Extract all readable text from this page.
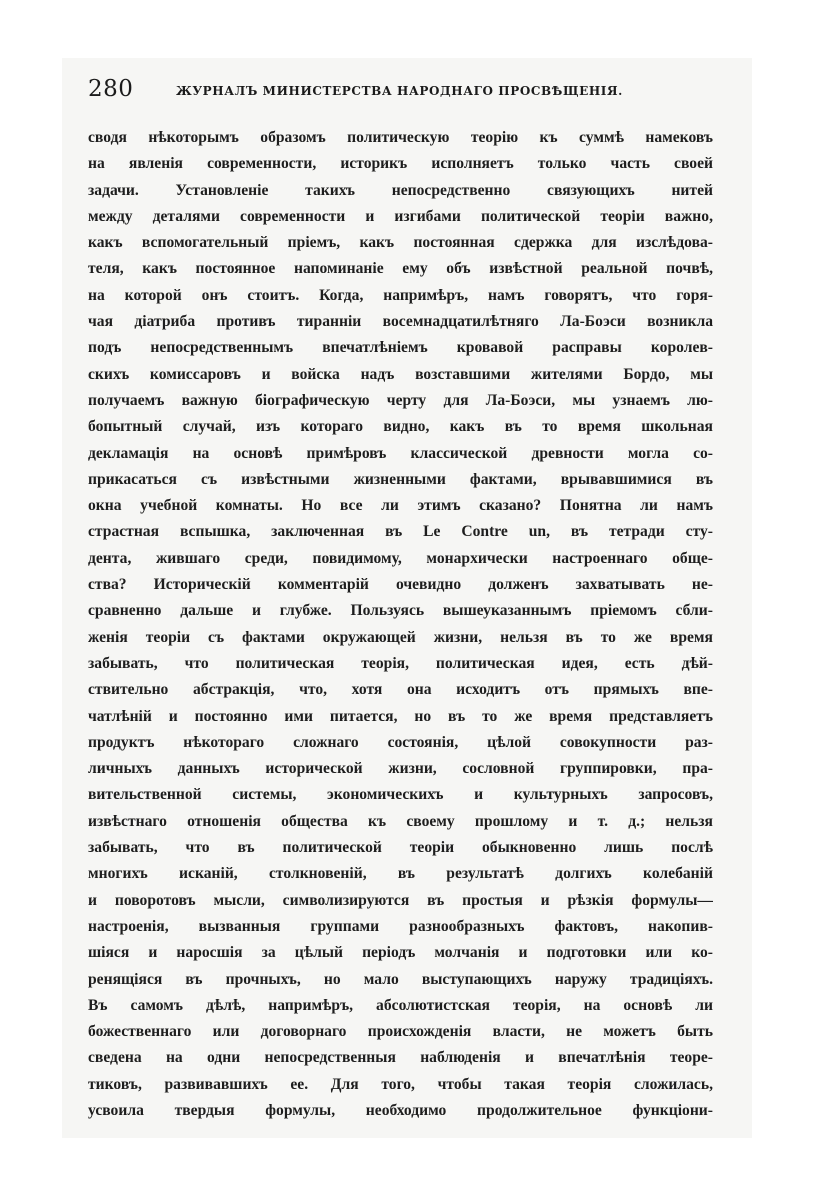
280	ЖУРНАЛЪ МИНИСТЕРСТВА НАРОДНАГО ПРОСВѢЩЕНІЯ.
сводя нѣкоторымъ образомъ политическую теорію къ суммѣ намековъ
на явленія современности, историкъ исполняетъ только часть своей
задачи. Установленіе такихъ непосредственно связующихъ нитей
между деталями современности и изгибами политической теоріи важно,
какъ вспомогательный пріемъ, какъ постоянная сдержка для изслѣдова-
теля, какъ постоянное напоминаніе ему объ извѣстной реальной почвѣ,
на которой онъ стоитъ. Когда, напримѣръ, намъ говорятъ, что горя-
чая діатриба противъ тиранніи восемнадцатилѣтняго Ла-Боэси возникла
подъ непосредственнымъ впечатлѣніемъ кровавой расправы королев-
скихъ комиссаровъ и войска надъ возставшими жителями Бордо, мы
получаемъ важную біографическую черту для Ла-Боэси, мы узнаемъ лю-
бопытный случай, изъ котораго видно, какъ въ то время школьная
декламація на основѣ примѣровъ классической древности могла со-
прикасаться съ извѣстными жизненными фактами, врывавшимися въ
окна учебной комнаты. Но все ли этимъ сказано? Понятна ли намъ
страстная вспышка, заключенная въ Le Contre un, въ тетради сту-
дента, жившаго среди, повидимому, монархически настроеннаго обще-
ства? Историческій комментарій очевидно долженъ захватывать не-
сравненно дальше и глубже. Пользуясь вышеуказаннымъ пріемомъ сбли-
женія теоріи съ фактами окружающей жизни, нельзя въ то же время
забывать, что политическая теорія, политическая идея, есть дѣй-
ствительно абстракція, что, хотя она исходитъ отъ прямыхъ впе-
чатлѣній и постоянно ими питается, но въ то же время представляетъ
продуктъ нѣкотораго сложнаго состоянія, цѣлой совокупности раз-
личныхъ данныхъ исторической жизни, сословной группировки, пра-
вительственной системы, экономическихъ и культурныхъ запросовъ,
извѣстнаго отношенія общества къ своему прошлому и т. д.; нельзя
забывать, что въ политической теоріи обыкновенно лишь послѣ
многихъ исканій, столкновеній, въ результатѣ долгихъ колебаній
и поворотовъ мысли, символизируются въ простыя и рѣзкія формулы—
настроенія, вызванныя группами разнообразныхъ фактовъ, накопив-
шіяся и наросшія за цѣлый періодъ молчанія и подготовки или ко-
ренящіяся въ прочныхъ, но мало выступающихъ наружу традиціяхъ.
Въ самомъ дѣлѣ, напримѣръ, абсолютистская теорія, на основѣ ли
божественнаго или договорнаго происхожденія власти, не можетъ быть
сведена на одни непосредственныя наблюденія и впечатлѣнія теоре-
тиковъ, развивавшихъ ее. Для того, чтобы такая теорія сложилась,
усвоила твердыя формулы, необходимо продолжительное функціони-
